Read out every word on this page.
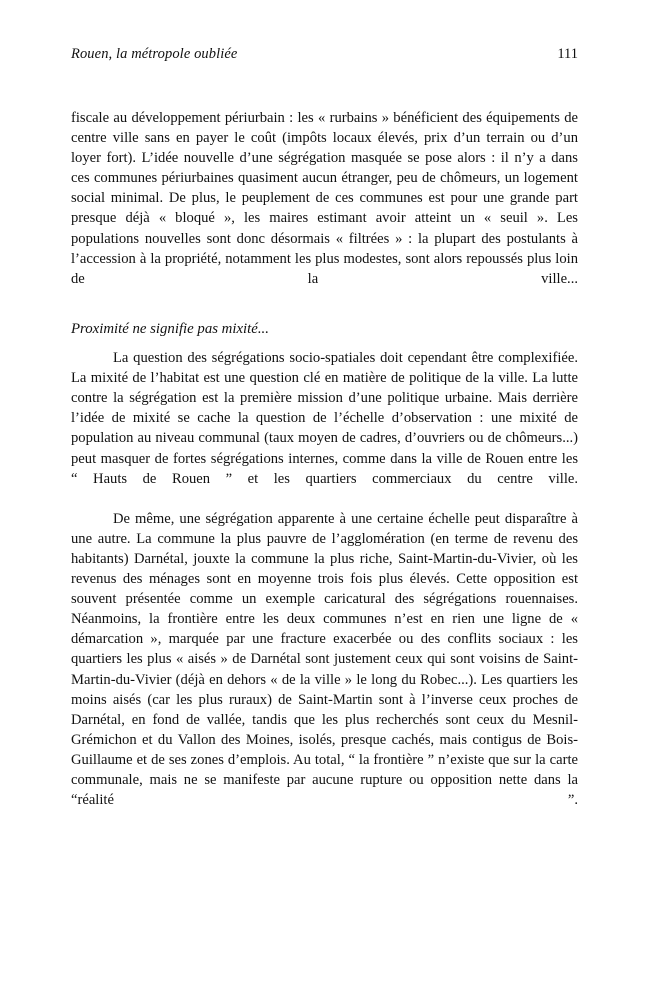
Rouen, la métropole oubliée	111

fiscale au développement périurbain : les « rurbains » bénéficient des équipements de centre ville sans en payer le coût (impôts locaux élevés, prix d’un terrain ou d’un loyer fort). L’idée nouvelle d’une ségrégation masquée se pose alors : il n’y a dans ces communes périurbaines quasiment aucun étranger, peu de chômeurs, un logement social minimal. De plus, le peuplement de ces communes est pour une grande part presque déjà « bloqué », les maires estimant avoir atteint un « seuil ». Les populations nouvelles sont donc désormais « filtrées » : la plupart des postulants à l’accession à la propriété, notamment les plus modestes, sont alors repoussés plus loin de la ville...

Proximité ne signifie pas mixité...

La question des ségrégations socio-spatiales doit cependant être complexifiée. La mixité de l’habitat est une question clé en matière de politique de la ville. La lutte contre la ségrégation est la première mission d’une politique urbaine. Mais derrière l’idée de mixité se cache la question de l’échelle d’observation : une mixité de population au niveau communal (taux moyen de cadres, d’ouvriers ou de chômeurs...) peut masquer de fortes ségrégations internes, comme dans la ville de Rouen entre les “ Hauts de Rouen ” et les quartiers commerciaux du centre ville.

De même, une ségrégation apparente à une certaine échelle peut disparaître à une autre. La commune la plus pauvre de l’agglomération (en terme de revenu des habitants) Darnétal, jouxte la commune la plus riche, Saint-Martin-du-Vivier, où les revenus des ménages sont en moyenne trois fois plus élevés. Cette opposition est souvent présentée comme un exemple caricatural des ségrégations rouennaises. Néanmoins, la frontière entre les deux communes n’est en rien une ligne de « démarcation », marquée par une fracture exacerbée ou des conflits sociaux : les quartiers les plus « aisés » de Darnétal sont justement ceux qui sont voisins de Saint-Martin-du-Vivier (déjà en dehors « de la ville » le long du Robec...). Les quartiers les moins aisés (car les plus ruraux) de Saint-Martin sont à l’inverse ceux proches de Darnétal, en fond de vallée, tandis que les plus recherchés sont ceux du Mesnil-Grémichon et du Vallon des Moines, isolés, presque cachés, mais contigus de Bois-Guillaume et de ses zones d’emplois. Au total, “ la frontière ” n’existe que sur la carte communale, mais ne se manifeste par aucune rupture ou opposition nette dans la “réalité ”.
